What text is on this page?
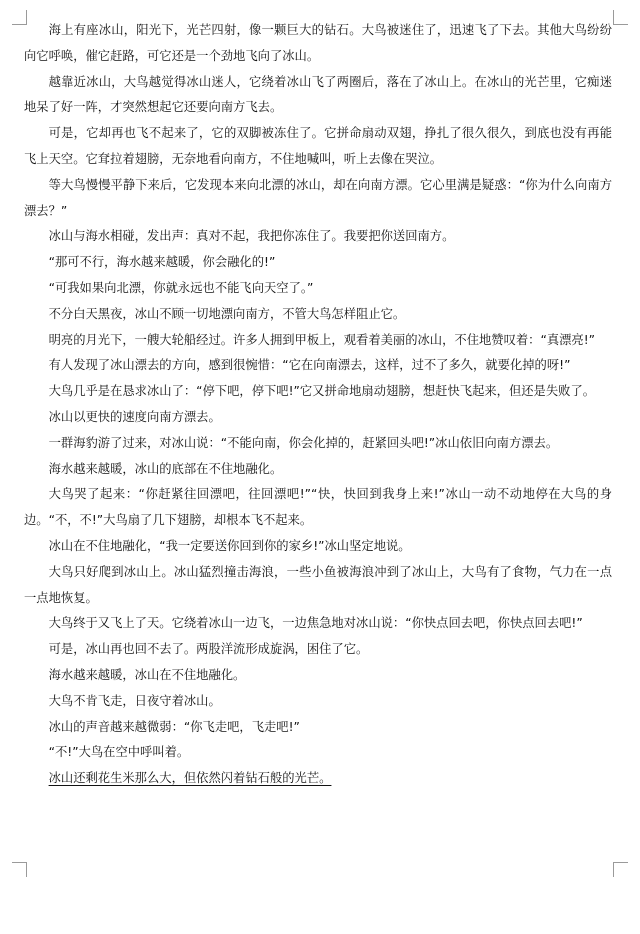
海上有座冰山，阳光下，光芒四射，像一颗巨大的钻石。大鸟被迷住了，迅速飞了下去。其他大鸟纷纷向它呼唤，催它赶路，可它还是一个劲地飞向了冰山。

越靠近冰山，大鸟越觉得冰山迷人，它绕着冰山飞了两圈后，落在了冰山上。在冰山的光芒里，它痴迷地呆了好一阵，才突然想起它还要向南方飞去。

可是，它却再也飞不起来了，它的双脚被冻住了。它拼命扇动双翅，挣扎了很久很久，到底也没有再能飞上天空。它耷拉着翅膀，无奈地看向南方，不住地喊叫，听上去像在哭泣。

等大鸟慢慢平静下来后，它发现本来向北漂的冰山，却在向南方漂。它心里满是疑惑：“你为什么向南方漂去？”

冰山与海水相碰，发出声：真对不起，我把你冻住了。我要把你送回南方。

“那可不行，海水越来越暖，你会融化的!”

“可我如果向北漂，你就永远也不能飞向天空了。”

不分白天黑夜，冰山不顾一切地漂向南方，不管大鸟怎样阻止它。

明亮的月光下，一艘大轮船经过。许多人拥到甲板上，观看着美丽的冰山，不住地赞叹着：“真漂亮!”

有人发现了冰山漂去的方向，感到很惋惜：“它在向南漂去，这样，过不了多久，就要化掉的呀!”

大鸟几乎是在恳求冰山了：“停下吧，停下吧!”它又拼命地扇动翅膀，想赶快飞起来，但还是失败了。

冰山以更快的速度向南方漂去。

一群海豹游了过来，对冰山说：“不能向南，你会化掉的，赶紧回头吧!”冰山依旧向南方漂去。

海水越来越暖，冰山的底部在不住地融化。

大鸟哭了起来：“你赶紧往回漂吧，往回漂吧!”“快，快回到我身上来!”冰山一动不动地停在大鸟的身边。“不，不!”大鸟扇了几下翅膀，却根本飞不起来。

冰山在不住地融化，“我一定要送你回到你的家乡!”冰山坚定地说。

大鸟只好爬到冰山上。冰山猛烈撞击海浪，一些小鱼被海浪冲到了冰山上，大鸟有了食物，气力在一点一点地恢复。

大鸟终于又飞上了天。它绕着冰山一边飞，一边焦急地对冰山说：“你快点回去吧，你快点回去吧!”

可是，冰山再也回不去了。两股洋流形成旋涡，困住了它。

海水越来越暖，冰山在不住地融化。

大鸟不肯飞走，日夜守着冰山。

冰山的声音越来越微弱：“你飞走吧，飞走吧!”

“不!”大鸟在空中呼叫着。

冰山还剩花生米那么大，但依然闪着钻石般的光芒。
